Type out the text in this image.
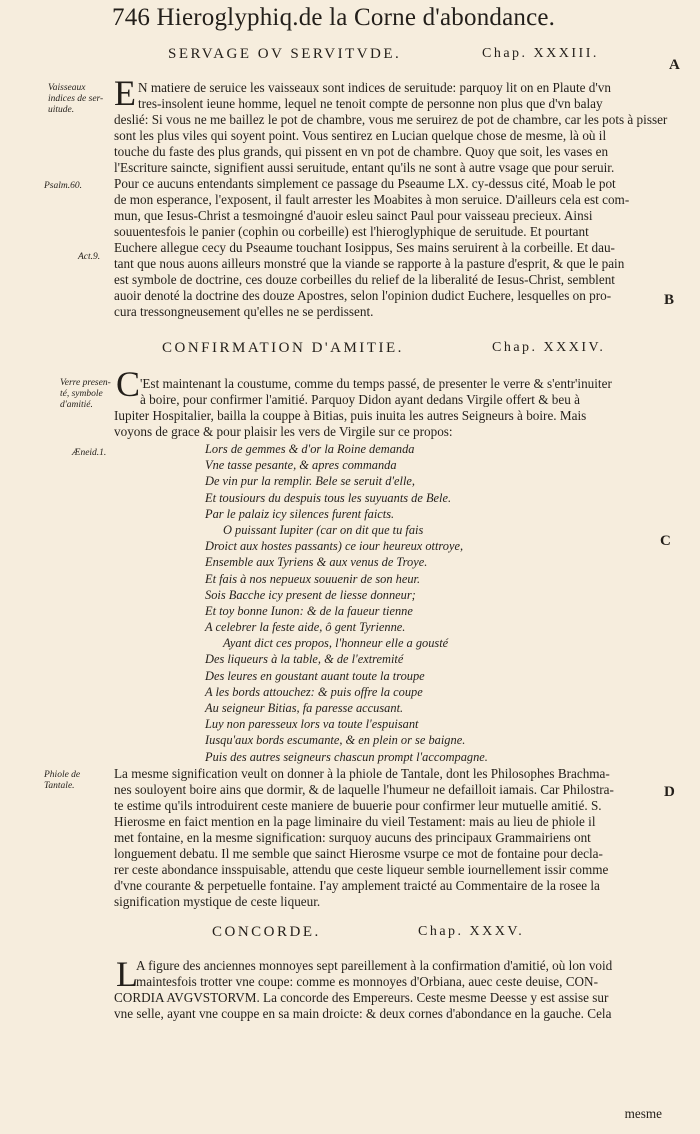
746 Hieroglyphiq.de la Corne d'abondance.
SERVAGE OV SERVITVDE.	Chap. XXXIII.
A
Vaisseaux
indices de ser-
uitude.
Psalm.60.
Act.9.
E N matiere de seruice les vaisseaux sont indices de seruitude: parquoy lit on en Plaute d'vn
tres-insolent ieune homme, lequel ne tenoit compte de personne non plus que d'vn balay
deslié: Si vous ne me baillez le pot de chambre, vous me seruirez de pot de chambre, car les pots à pisser
sont les plus viles qui soyent point. Vous sentirez en Lucian quelque chose de mesme, là où il
touche du faste des plus grands, qui pissent en vn pot de chambre. Quoy que soit, les vases en
l'Escriture saincte, signifient aussi seruitude, entant qu'ils ne sont à autre vsage que pour seruir.
Pour ce aucuns entendants simplement ce passage du Pseaume LX. cy-dessus cité, Moab le pot
de mon esperance, l'exposent, il fault arrester les Moabites à mon seruice. D'ailleurs cela est com-
mun, que Iesus-Christ a tesmoingné d'auoir esleu sainct Paul pour vaisseau precieux. Ainsi
souuentesfois le panier (cophin ou corbeille) est l'hieroglyphique de seruitude. Et pourtant
Euchere allegue cecy du Pseaume touchant Iosippus, Ses mains seruirent à la corbeille. Et dau-
tant que nous auons ailleurs monstré que la viande se rapporte à la pasture d'esprit, & que le pain
est symbole de doctrine, ces douze corbeilles du relief de la liberalité de Iesus-Christ, semblent
auoir denoté la doctrine des douze Apostres, selon l'opinion dudict Euchere, lesquelles on pro-
cura tressongneusement qu'elles ne se perdissent.
B
CONFIRMATION D'AMITIE.	Chap. XXXIV.
Verre presen-
té, symbole
d'amitié.
Æneid.1.
C 'Est maintenant la coustume, comme du temps passé, de presenter le verre & s'entr'inuiter
à boire, pour confirmer l'amitié. Parquoy Didon ayant dedans Virgile offert & beu à
Iupiter Hospitalier, bailla la couppe à Bitias, puis inuita les autres Seigneurs à boire. Mais
voyons de grace & pour plaisir les vers de Virgile sur ce propos:
Lors de gemmes & d'or la Roine demanda
Vne tasse pesante, & apres commanda
De vin pur la remplir. Bele se seruit d'elle,
Et tousiours du despuis tous les suyuants de Bele.
Par le palaiz icy silences furent faicts.
O puissant Iupiter (car on dit que tu fais
Droict aux hostes passants) ce iour heureux ottroye,
Ensemble aux Tyriens & aux venus de Troye.
Et fais à nos nepueux souuenir de son heur.
Sois Bacche icy present de liesse donneur;
Et toy bonne Iunon: & de la faueur tienne
A celebrer la feste aide, ô gent Tyrienne.
Ayant dict ces propos, l'honneur elle a gousté
Des liqueurs à la table, & de l'extremité
Des leures en goustant auant toute la troupe
A les bords attouchez: & puis offre la coupe
Au seigneur Bitias, fa paresse accusant.
Luy non paresseux lors va toute l'espuisant
Iusqu'aux bords escumante, & en plein or se baigne.
Puis des autres seigneurs chascun prompt l'accompagne.
C
Phiole de
Tantale.
La mesme signification veult on donner à la phiole de Tantale, dont les Philosophes Brachma-
nes souloyent boire ains que dormir, & de laquelle l'humeur ne defailloit iamais. Car Philostra-
te estime qu'ils introduirent ceste maniere de buuerie pour confirmer leur mutuelle amitié. S.
Hierosme en faict mention en la page liminaire du vieil Testament: mais au lieu de phiole il
met fontaine, en la mesme signification: surquoy aucuns des principaux Grammairiens ont
longuement debatu. Il me semble que sainct Hierosme vsurpe ce mot de fontaine pour decla-
rer ceste abondance insspuisable, attendu que ceste liqueur semble iournellement issir comme
d'vne courante & perpetuelle fontaine. I'ay amplement traicté au Commentaire de la rosee la
signification mystique de ceste liqueur.
D
CONCORDE.	Chap. XXXV.
L
A figure des anciennes monnoyes sept pareillement à la confirmation d'amitié, où lon void
maintesfois trotter vne coupe: comme es monnoyes d'Orbiana, auec ceste deuise, CON-
CORDIA AVGVSTORVM. La concorde des Empereurs. Ceste mesme Deesse y est assise sur
vne selle, ayant vne couppe en sa main droicte: & deux cornes d'abondance en la gauche. Cela
mesme
